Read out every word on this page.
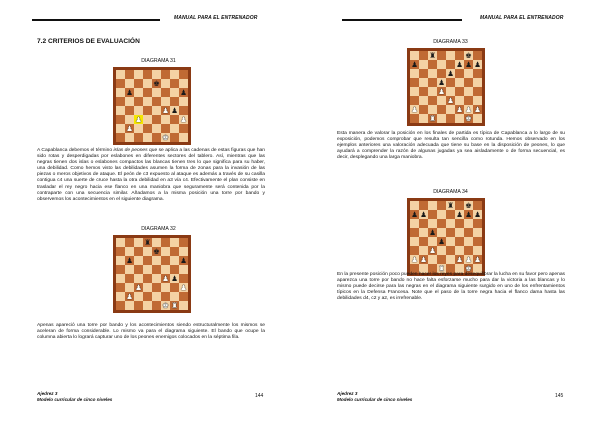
MANUAL PARA EL ENTRENADOR
7.2 CRITERIOS DE EVALUACIÓN
DIAGRAMA 31
♚
♟	♟
♟ ♟
♟	♟
♟
♚
A Capablanca debemos el término islas de peones que se aplica a las cadenas de estas figuras que han sido rotas y desperdigadas por eslabones en diferentes sectores del tablero. Así, mientras que las negras tienen dos islas o eslabones compactos las blancas tienen tres lo que significa para su haber, una debilidad. Como hemos visto las debilidades asumen la forma de zonas para la invasión de las piezas o meros objetivos de ataque. El peón de c3 expuesto al ataque es además a través de su casilla contigua c4 una suerte de cruce hasta la otra debilidad en a3 vía c4. Efectivamente el plan consiste en trasladar el rey negro hacia ese flanco en una maniobra que seguramente será contenida por la contraparte con una secuencia similar. Añadamos a la misma posición una torre por bando y observemos los acontecimientos en el siguiente diagrama.
DIAGRAMA 32
♜
♚
♟	♟
♟ ♟
♟	♟
♟
♚ ♜
Apenas apareció una torre por bando y los acontecimientos siendo estructuralmente los mismos se aceleran de forma considerable. Lo mismo va para el diagrama siguiente. El bando que ocupe la columna abierta lo logrará capturar uno de los peones enemigos colocados en la séptima fila.
Ajedrez 3
Modelo curricular de cinco niveles
144
MANUAL PARA EL ENTRENADOR
DIAGRAMA 33
♜	♚
♟	♟ ♟ ♟
♟
♟
♟
♟
♟	♟ ♟ ♟
♜	♚
Esta manera de valorar la posición en los finales de partida es típica de Capablanca a lo largo de su exposición, podemos comprobar que resulta tan sencilla como rotunda. Hemos observado en los ejemplos anteriores una valoración adecuada que tiene su base en la disposición de peones, lo que ayudará a comprender la razón de algunas jugadas ya sea aisladamente o de forma secuencial, es decir, desplegando una larga maniobra.
DIAGRAMA 34
♜ ♚
♟ ♟	♟ ♟ ♟
♟
♟
♟
♟ ♟	♟ ♟ ♟
♜	♚
En la presente posición poco pueden hacer los reyes para desequilibrar la lucha en su favor pero apenas aparezca una torre por bando no hace falta esforzarse mucho para dar la victoria a las blancas y lo mismo puede decirse para las negras en el diagrama siguiente surgido en uno de los enfrentamientos típicos en la Defensa Francesa. Note que el paso de la torre negra hacia el flanco dama hasta las debilidades d4, c2 y a2, es irrefrenable.
Ajedrez 3
Modelo curricular de cinco niveles
145
